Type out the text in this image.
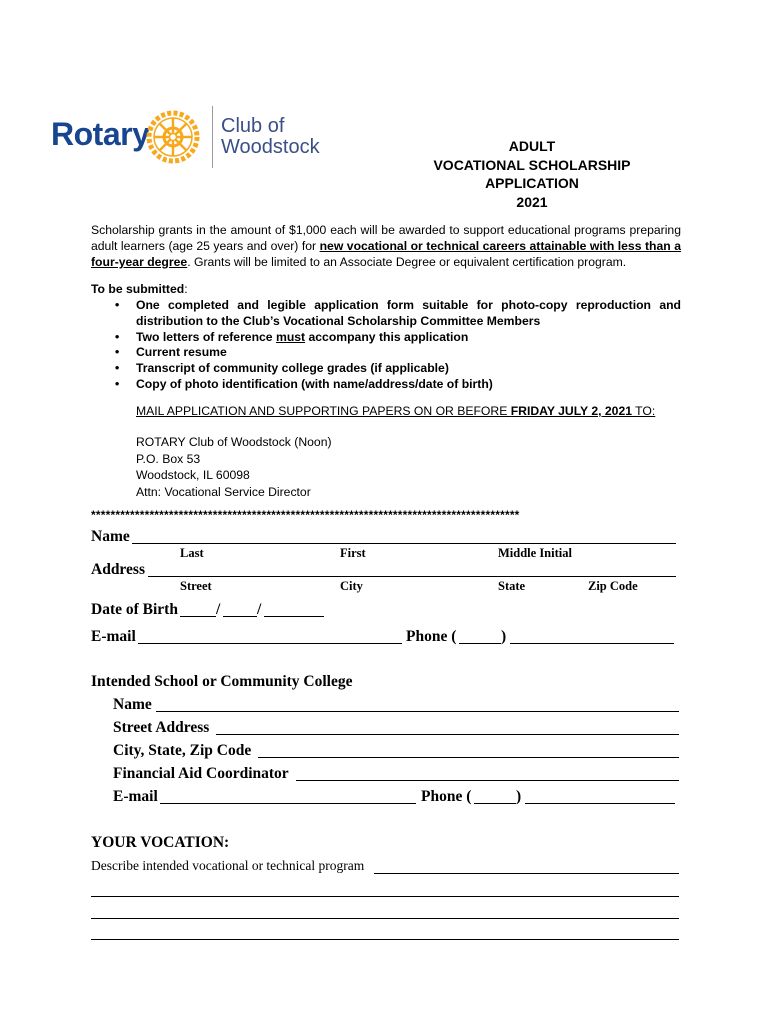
Rotary	Club of
Woodstock	ADULT
VOCATIONAL SCHOLARSHIP
APPLICATION
2021
Scholarship grants in the amount of $1,000 each will be awarded to support educational programs preparing adult learners (age 25 years and over) for new vocational or technical careers attainable with less than a four-year degree. Grants will be limited to an Associate Degree or equivalent certification program.
To be submitted:
• One completed and legible application form suitable for photo-copy reproduction and distribution to the Club’s Vocational Scholarship Committee Members
• Two letters of reference must accompany this application
• Current resume
• Transcript of community college grades (if applicable)
• Copy of photo identification (with name/address/date of birth)
MAIL APPLICATION AND SUPPORTING PAPERS ON OR BEFORE FRIDAY JULY 2, 2021 TO:
ROTARY Club of Woodstock (Noon)
P.O. Box 53
Woodstock, IL 60098
Attn: Vocational Service Director
****************************************************************************************
Name
Last	First	Middle Initial
Address
Street	City	State	Zip Code
Date of Birth / /
E-mail	Phone (	)
Intended School or Community College
Name
Street Address
City, State, Zip Code
Financial Aid Coordinator
E-mail	Phone (	)
YOUR VOCATION:
Describe intended vocational or technical program
